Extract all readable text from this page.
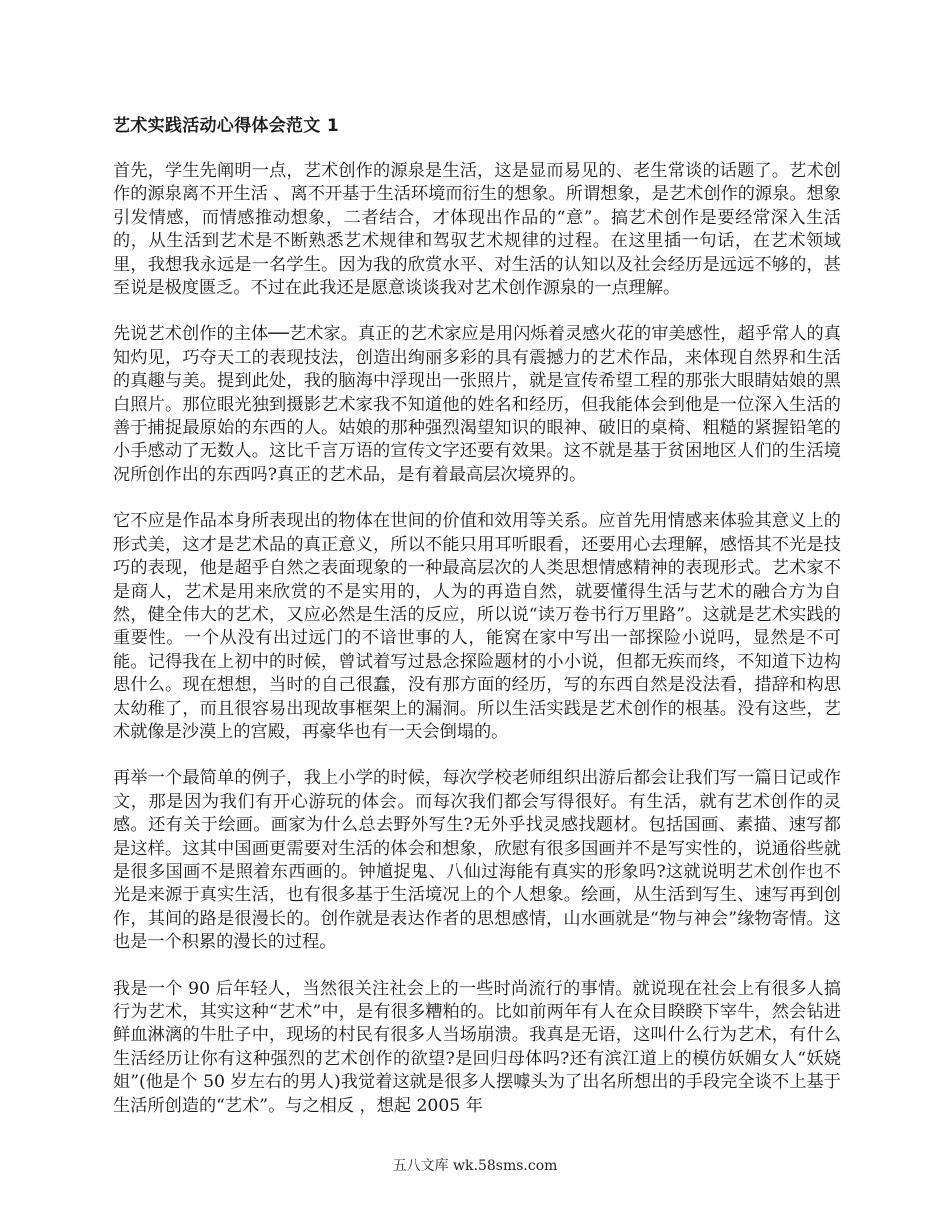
艺术实践活动心得体会范文 1

首先，学生先阐明一点，艺术创作的源泉是生活，这是显而易见的、老生常谈的话题了。艺术创作的源泉离不开生活 、离不开基于生活环境而衍生的想象。所谓想象，是艺术创作的源泉。想象引发情感，而情感推动想象，二者结合，才体现出作品的“意”。搞艺术创作是要经常深入生活的，从生活到艺术是不断熟悉艺术规律和驾驭艺术规律的过程。在这里插一句话，在艺术领域里，我想我永远是一名学生。因为我的欣赏水平、对生活的认知以及社会经历是远远不够的，甚至说是极度匮乏。不过在此我还是愿意谈谈我对艺术创作源泉的一点理解。

先说艺术创作的主体──艺术家。真正的艺术家应是用闪烁着灵感火花的审美感性，超乎常人的真知灼见，巧夺天工的表现技法，创造出绚丽多彩的具有震撼力的艺术作品，来体现自然界和生活的真趣与美。提到此处，我的脑海中浮现出一张照片，就是宣传希望工程的那张大眼睛姑娘的黑白照片。那位眼光独到摄影艺术家我不知道他的姓名和经历，但我能体会到他是一位深入生活的善于捕捉最原始的东西的人。姑娘的那种强烈渴望知识的眼神、破旧的桌椅、粗糙的紧握铅笔的小手感动了无数人。这比千言万语的宣传文字还要有效果。这不就是基于贫困地区人们的生活境况所创作出的东西吗?真正的艺术品，是有着最高层次境界的。

它不应是作品本身所表现出的物体在世间的价值和效用等关系。应首先用情感来体验其意义上的形式美，这才是艺术品的真正意义，所以不能只用耳听眼看，还要用心去理解，感悟其不光是技巧的表现，他是超乎自然之表面现象的一种最高层次的人类思想情感精神的表现形式。艺术家不是商人，艺术是用来欣赏的不是实用的，人为的再造自然，就要懂得生活与艺术的融合方为自然，健全伟大的艺术，又应必然是生活的反应，所以说“读万卷书行万里路”。这就是艺术实践的重要性。一个从没有出过远门的不谙世事的人，能窝在家中写出一部探险小说吗，显然是不可能。记得我在上初中的时候，曾试着写过悬念探险题材的小小说，但都无疾而终，不知道下边构思什么。现在想想，当时的自己很蠢，没有那方面的经历，写的东西自然是没法看，措辞和构思太幼稚了，而且很容易出现故事框架上的漏洞。所以生活实践是艺术创作的根基。没有这些，艺术就像是沙漠上的宫殿，再豪华也有一天会倒塌的。

再举一个最简单的例子，我上小学的时候，每次学校老师组织出游后都会让我们写一篇日记或作文，那是因为我们有开心游玩的体会。而每次我们都会写得很好。有生活，就有艺术创作的灵感。还有关于绘画。画家为什么总去野外写生?无外乎找灵感找题材。包括国画、素描、速写都是这样。这其中国画更需要对生活的体会和想象，欣慰有很多国画并不是写实性的，说通俗些就是很多国画不是照着东西画的。钟馗捉鬼、八仙过海能有真实的形象吗?这就说明艺术创作也不光是来源于真实生活，也有很多基于生活境况上的个人想象。绘画，从生活到写生、速写再到创作，其间的路是很漫长的。创作就是表达作者的思想感情，山水画就是“物与神会”缘物寄情。这也是一个积累的漫长的过程。

我是一个 90 后年轻人，当然很关注社会上的一些时尚流行的事情。就说现在社会上有很多人搞行为艺术，其实这种“艺术”中，是有很多糟粕的。比如前两年有人在众目睽睽下宰牛，然会钻进鲜血淋漓的牛肚子中，现场的村民有很多人当场崩溃。我真是无语，这叫什么行为艺术，有什么生活经历让你有这种强烈的艺术创作的欲望?是回归母体吗?还有滨江道上的模仿妖媚女人“妖娆姐”(他是个 50 岁左右的男人)我觉着这就是很多人摆噱头为了出名所想出的手段完全谈不上基于生活所创造的“艺术”。与之相反 ，想起 2005 年

五八文库 wk.58sms.com
